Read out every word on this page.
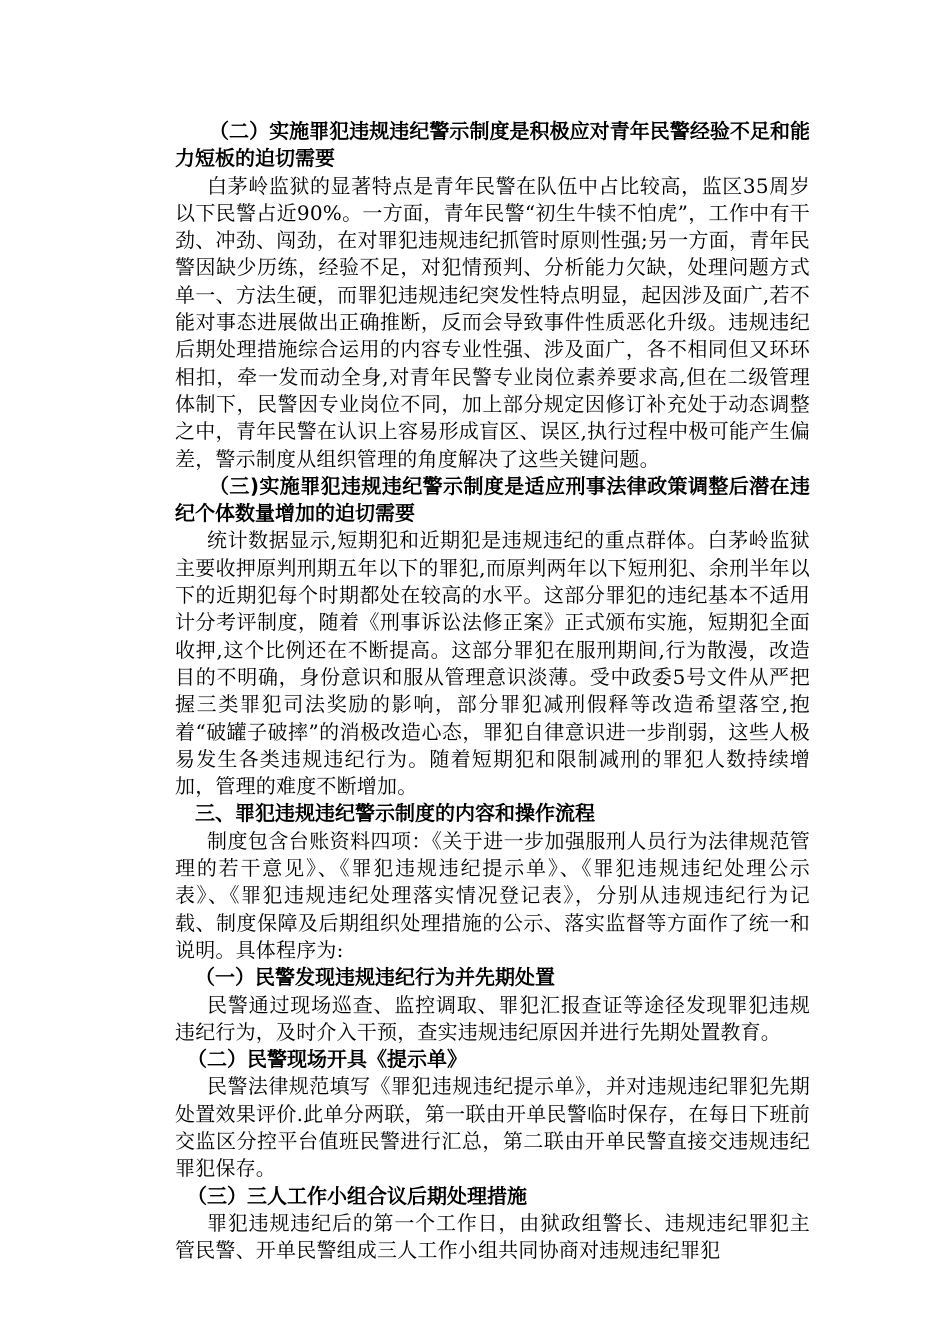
（二）实施罪犯违规违纪警示制度是积极应对青年民警经验不足和能力短板的迫切需要

白茅岭监狱的显著特点是青年民警在队伍中占比较高，监区35周岁以下民警占近90%。一方面，青年民警“初生牛犊不怕虎”，工作中有干劲、冲劲、闯劲，在对罪犯违规违纪抓管时原则性强;另一方面，青年民警因缺少历练，经验不足，对犯情预判、分析能力欠缺，处理问题方式单一、方法生硬，而罪犯违规违纪突发性特点明显，起因涉及面广,若不能对事态进展做出正确推断，反而会导致事件性质恶化升级。违规违纪后期处理措施综合运用的内容专业性强、涉及面广，各不相同但又环环相扣，牵一发而动全身,对青年民警专业岗位素养要求高,但在二级管理体制下，民警因专业岗位不同，加上部分规定因修订补充处于动态调整之中，青年民警在认识上容易形成盲区、误区,执行过程中极可能产生偏差，警示制度从组织管理的角度解决了这些关键问题。

（三)实施罪犯违规违纪警示制度是适应刑事法律政策调整后潜在违纪个体数量增加的迫切需要

统计数据显示,短期犯和近期犯是违规违纪的重点群体。白茅岭监狱主要收押原判刑期五年以下的罪犯,而原判两年以下短刑犯、余刑半年以下的近期犯每个时期都处在较高的水平。这部分罪犯的违纪基本不适用计分考评制度，随着《刑事诉讼法修正案》正式颁布实施，短期犯全面收押,这个比例还在不断提高。这部分罪犯在服刑期间,行为散漫，改造目的不明确，身份意识和服从管理意识淡薄。受中政委5号文件从严把握三类罪犯司法奖励的影响，部分罪犯减刑假释等改造希望落空,抱着“破罐子破摔”的消极改造心态，罪犯自律意识进一步削弱，这些人极易发生各类违规违纪行为。随着短期犯和限制减刑的罪犯人数持续增加，管理的难度不断增加。

三、罪犯违规违纪警示制度的内容和操作流程

制度包含台账资料四项：《关于进一步加强服刑人员行为法律规范管理的若干意见》、《罪犯违规违纪提示单》、《罪犯违规违纪处理公示表》、《罪犯违规违纪处理落实情况登记表》，分别从违规违纪行为记载、制度保障及后期组织处理措施的公示、落实监督等方面作了统一和说明。具体程序为:

（一）民警发现违规违纪行为并先期处置

民警通过现场巡查、监控调取、罪犯汇报查证等途径发现罪犯违规违纪行为，及时介入干预，查实违规违纪原因并进行先期处置教育。

（二）民警现场开具《提示单》

民警法律规范填写《罪犯违规违纪提示单》，并对违规违纪罪犯先期处置效果评价.此单分两联，第一联由开单民警临时保存，在每日下班前交监区分控平台值班民警进行汇总，第二联由开单民警直接交违规违纪罪犯保存。

（三）三人工作小组合议后期处理措施

罪犯违规违纪后的第一个工作日，由狱政组警长、违规违纪罪犯主管民警、开单民警组成三人工作小组共同协商对违规违纪罪犯
